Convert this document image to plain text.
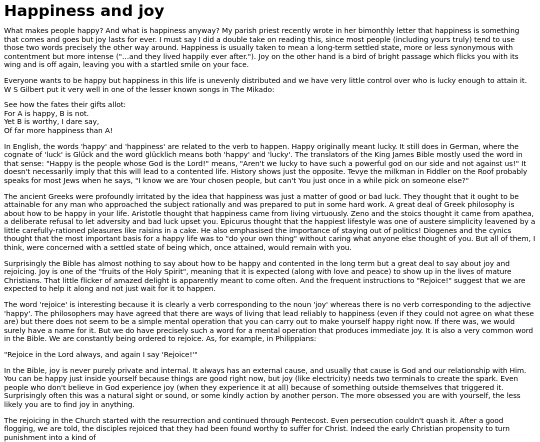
Happiness and joy

What makes people happy? And what is happiness anyway? My parish priest recently wrote in her bimonthly letter that happiness is something that comes and goes but joy lasts for ever. I must say I did a double take on reading this, since most people (including yours truly) tend to use those two words precisely the other way around. Happiness is usually taken to mean a long-term settled state, more or less synonymous with contentment but more intense ("…and they lived happily ever after."). Joy on the other hand is a bird of bright passage which flicks you with its wing and is off again, leaving you with a startled smile on your face.

Everyone wants to be happy but happiness in this life is unevenly distributed and we have very little control over who is lucky enough to attain it. W S Gilbert put it very well in one of the lesser known songs in The Mikado:

See how the fates their gifts allot:
For A is happy, B is not.
Yet B is worthy, I dare say,
Of far more happiness than A!

In English, the words 'happy' and 'happiness' are related to the verb to happen. Happy originally meant lucky. It still does in German, where the cognate of 'luck' is Glück and the word glücklich means both 'happy' and 'lucky'. The translators of the King James Bible mostly used the word in that sense: "Happy is the people whose God is the Lord!" means, "Aren't we lucky to have such a powerful god on our side and not against us!" It doesn't necessarily imply that this will lead to a contented life. History shows just the opposite. Tevye the milkman in Fiddler on the Roof probably speaks for most Jews when he says, "I know we are Your chosen people, but can't You just once in a while pick on someone else?"

The ancient Greeks were profoundly irritated by the idea that happiness was just a matter of good or bad luck. They thought that it ought to be attainable for any man who approached the subject rationally and was prepared to put in some hard work. A great deal of Greek philosophy is about how to be happy in your life. Aristotle thought that happiness came from living virtuously. Zeno and the stoics thought it came from apathea, a deliberate refusal to let adversity and bad luck upset you. Epicurus thought that the happiest lifestyle was one of austere simplicity leavened by a little carefully-rationed pleasures like raisins in a cake. He also emphasised the importance of staying out of politics! Diogenes and the cynics thought that the most important basis for a happy life was to "do your own thing" without caring what anyone else thought of you. But all of them, I think, were concerned with a settled state of being which, once attained, would remain with you.

Surprisingly the Bible has almost nothing to say about how to be happy and contented in the long term but a great deal to say about joy and rejoicing. Joy is one of the "fruits of the Holy Spirit", meaning that it is expected (along with love and peace) to show up in the lives of mature Christians. That little flicker of amazed delight is apparently meant to come often. And the frequent instructions to "Rejoice!" suggest that we are expected to help it along and not just wait for it to happen.

The word 'rejoice' is interesting because it is clearly a verb corresponding to the noun 'joy' whereas there is no verb corresponding to the adjective 'happy'. The philosophers may have agreed that there are ways of living that lead reliably to happiness (even if they could not agree on what these are) but there does not seem to be a simple mental operation that you can carry out to make yourself happy right now. If there was, we would surely have a name for it. But we do have precisely such a word for a mental operation that produces immediate joy. It is also a very common word in the Bible. We are constantly being ordered to rejoice. As, for example, in Philippians:

"Rejoice in the Lord always, and again I say 'Rejoice!'"

In the Bible, joy is never purely private and internal. It always has an external cause, and usually that cause is God and our relationship with Him. You can be happy just inside yourself because things are good right now, but joy (like electricity) needs two terminals to create the spark. Even people who don't believe in God experience joy (when they experience it at all) because of something outside themselves that triggered it. Surprisingly often this was a natural sight or sound, or some kindly action by another person. The more obsessed you are with yourself, the less likely you are to find joy in anything.

The rejoicing in the Church started with the resurrection and continued through Pentecost. Even persecution couldn't quash it. After a good flogging, we are told, the disciples rejoiced that they had been found worthy to suffer for Christ. Indeed the early Christian propensity to turn punishment into a kind of
